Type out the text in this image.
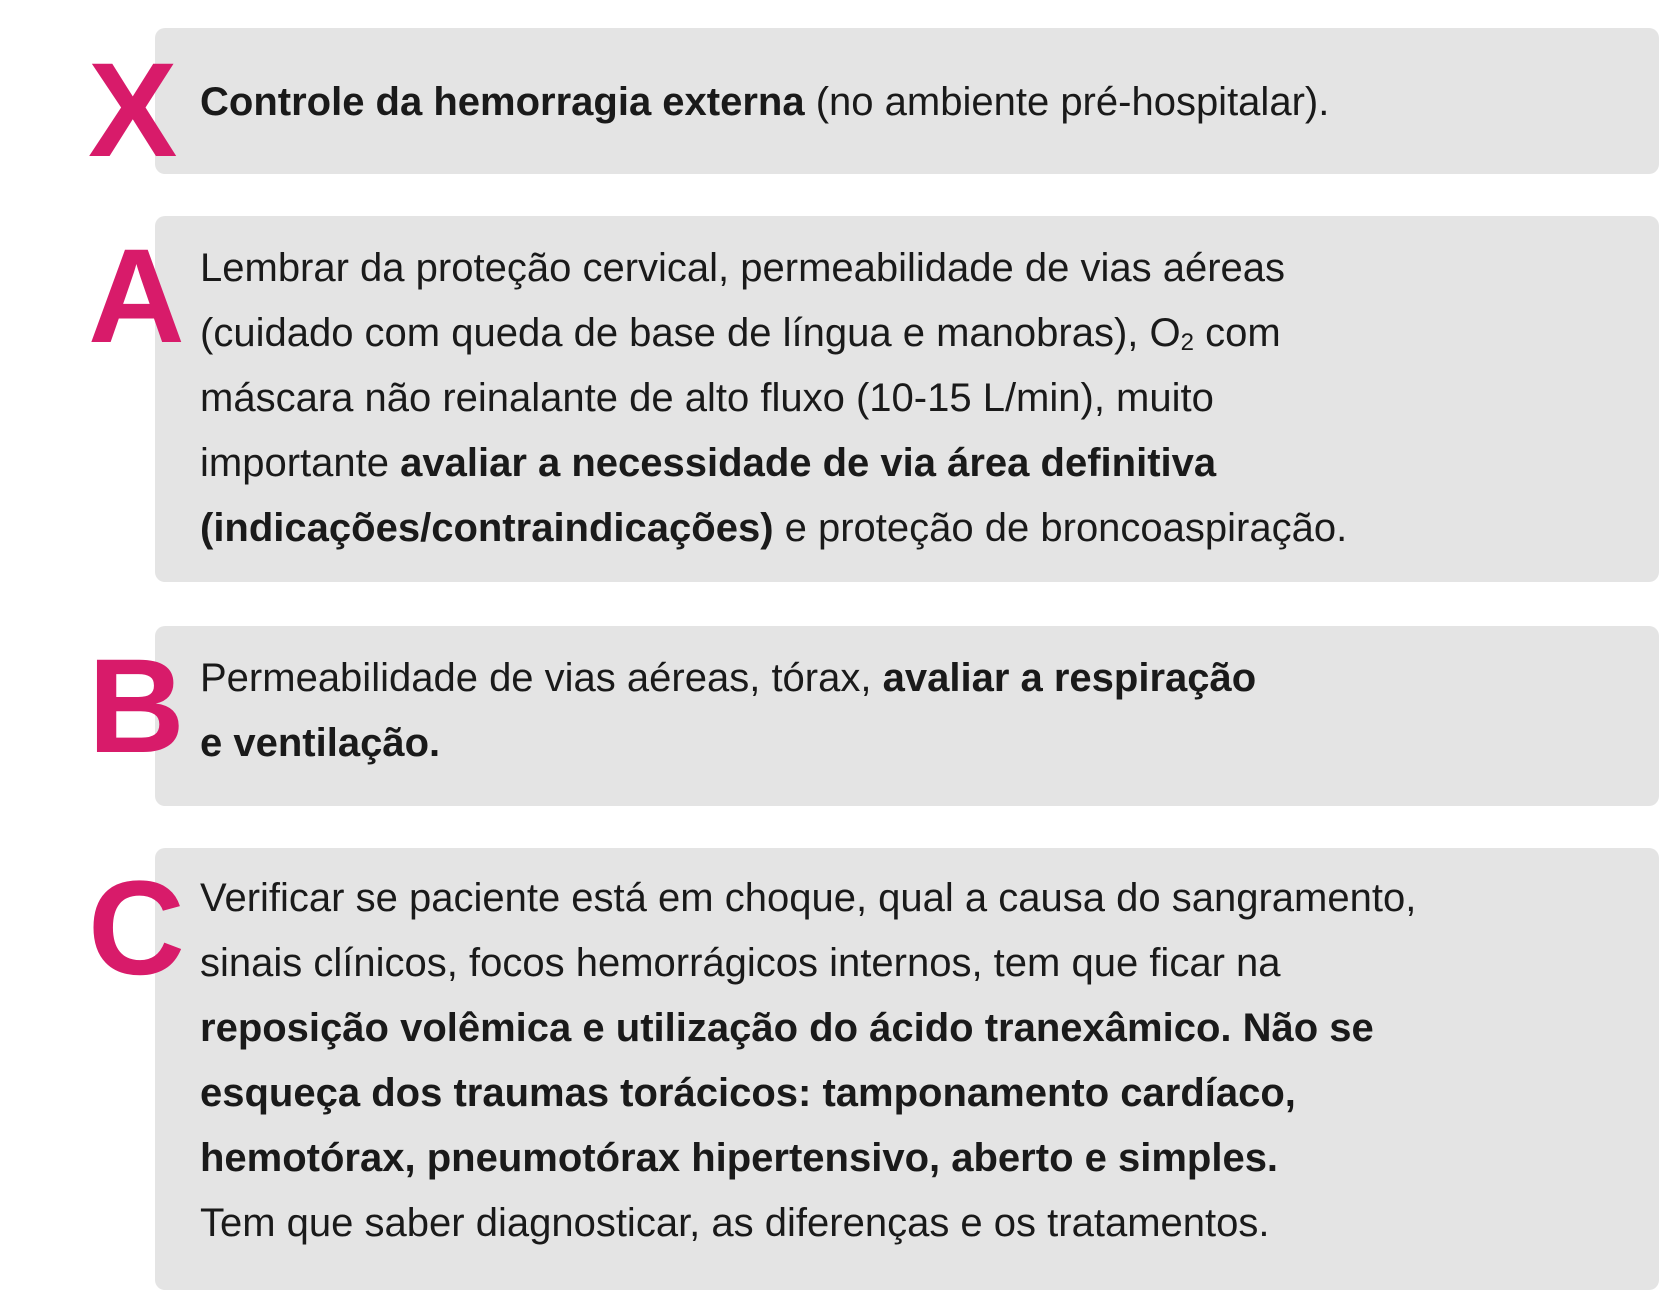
X Controle da hemorragia externa (no ambiente pré-hospitalar).
A Lembrar da proteção cervical, permeabilidade de vias aéreas
(cuidado com queda de base de língua e manobras), $O_2$ com
máscara não reinalante de alto fluxo (10-15 L/min), muito
importante avaliar a necessidade de via área definitiva
(indicações/contraindicações) e proteção de broncoaspiração.
B Permeabilidade de vias aéreas, tórax, avaliar a respiração
e ventilação.
C Verificar se paciente está em choque, qual a causa do sangramento,
sinais clínicos, focos hemorrágicos internos, tem que ficar na
reposição volêmica e utilização do ácido tranexâmico. Não se
esqueça dos traumas torácicos: tamponamento cardíaco,
hemotórax, pneumotórax hipertensivo, aberto e simples.
Tem que saber diagnosticar, as diferenças e os tratamentos.
